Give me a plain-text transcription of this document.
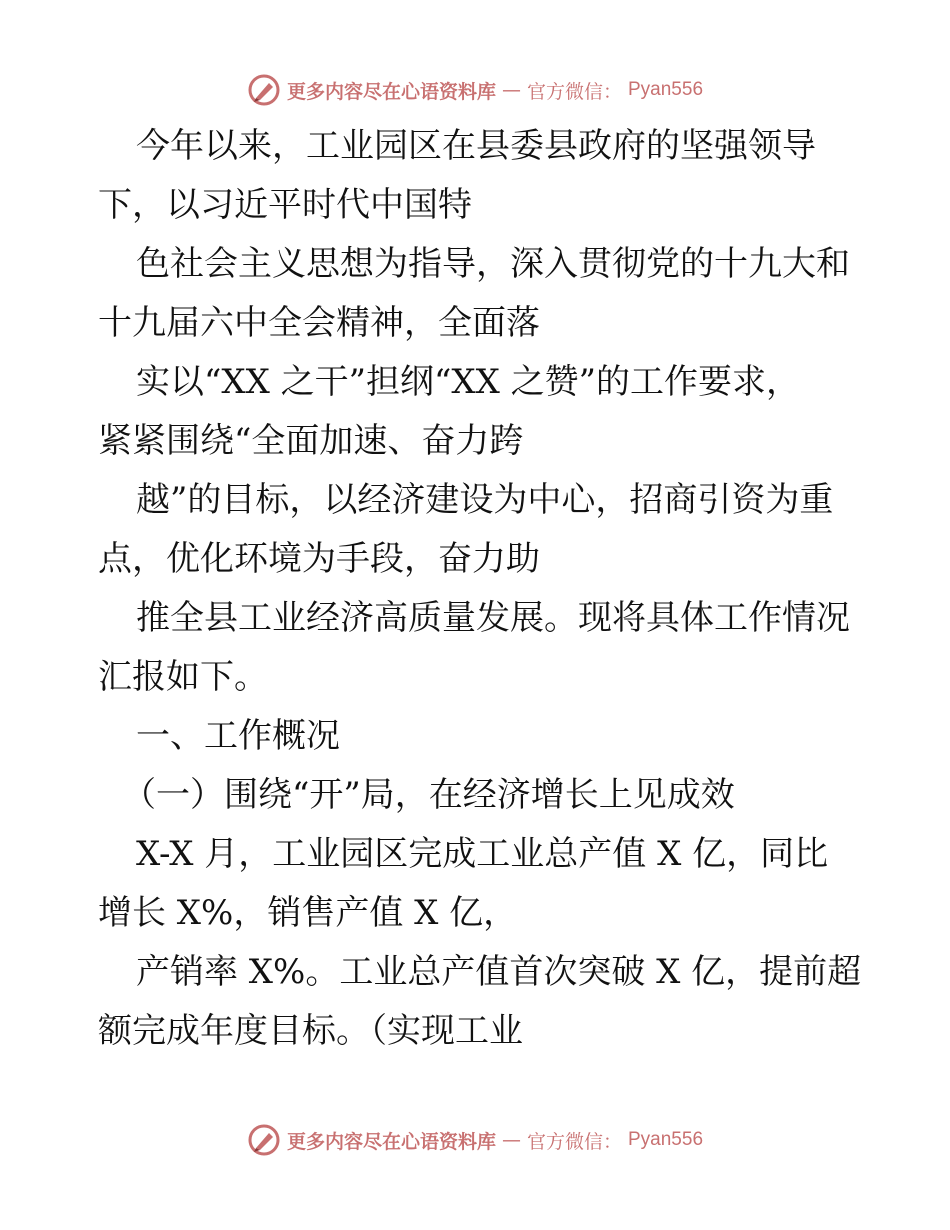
更多内容尽在心语资料库 — 官方微信： Pyan556
今年以来，工业园区在县委县政府的坚强领导
下，以习近平时代中国特
色社会主义思想为指导，深入贯彻党的十九大和
十九届六中全会精神，全面落
实以“XX 之干”担纲“XX 之赞”的工作要求，
紧紧围绕“全面加速、奋力跨
越”的目标，以经济建设为中心，招商引资为重
点，优化环境为手段，奋力助
推全县工业经济高质量发展。现将具体工作情况
汇报如下。
一、工作概况
（一）围绕“开”局，在经济增长上见成效
X-X 月，工业园区完成工业总产值 X 亿，同比
增长 X%，销售产值 X 亿，
产销率 X%。工业总产值首次突破 X 亿，提前超
额完成年度目标。（实现工业
更多内容尽在心语资料库 — 官方微信： Pyan556
